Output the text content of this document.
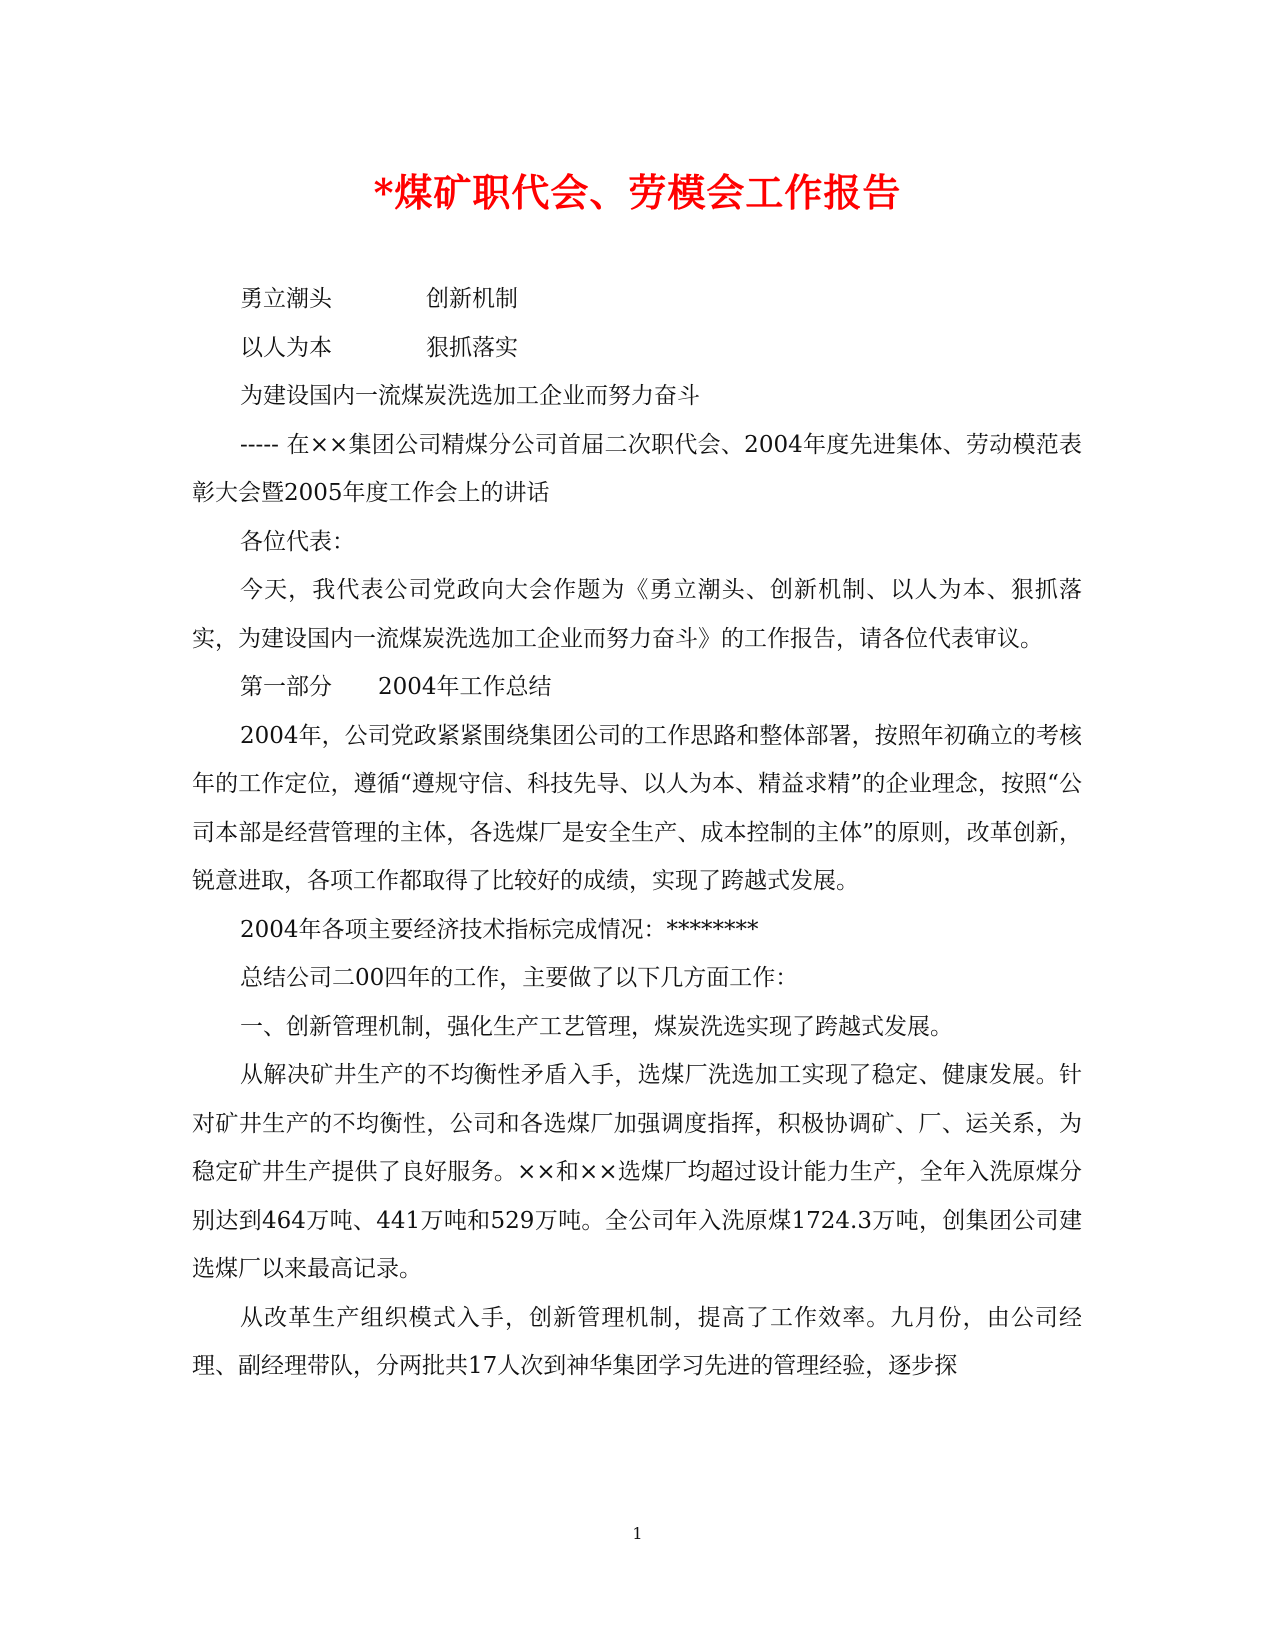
*煤矿职代会、劳模会工作报告
勇立潮头	创新机制
以人为本	狠抓落实

为建设国内一流煤炭洗选加工企业而努力奋斗

----- 在××集团公司精煤分公司首届二次职代会、2004年度先进集体、劳动模范表彰大会暨2005年度工作会上的讲话

各位代表：

今天，我代表公司党政向大会作题为《勇立潮头、创新机制、以人为本、狠抓落实，为建设国内一流煤炭洗选加工企业而努力奋斗》的工作报告，请各位代表审议。

第一部分	2004年工作总结

2004年，公司党政紧紧围绕集团公司的工作思路和整体部署，按照年初确立的考核年的工作定位，遵循“遵规守信、科技先导、以人为本、精益求精”的企业理念，按照“公司本部是经营管理的主体，各选煤厂是安全生产、成本控制的主体”的原则，改革创新，锐意进取，各项工作都取得了比较好的成绩，实现了跨越式发展。

2004年各项主要经济技术指标完成情况：********

总结公司二00四年的工作，主要做了以下几方面工作：

一、创新管理机制，强化生产工艺管理，煤炭洗选实现了跨越式发展。

从解决矿井生产的不均衡性矛盾入手，选煤厂洗选加工实现了稳定、健康发展。针对矿井生产的不均衡性，公司和各选煤厂加强调度指挥，积极协调矿、厂、运关系，为稳定矿井生产提供了良好服务。××和××选煤厂均超过设计能力生产，全年入洗原煤分别达到464万吨、441万吨和529万吨。全公司年入洗原煤1724.3万吨，创集团公司建选煤厂以来最高记录。

从改革生产组织模式入手，创新管理机制，提高了工作效率。九月份，由公司经理、副经理带队，分两批共17人次到神华集团学习先进的管理经验，逐步探

1
